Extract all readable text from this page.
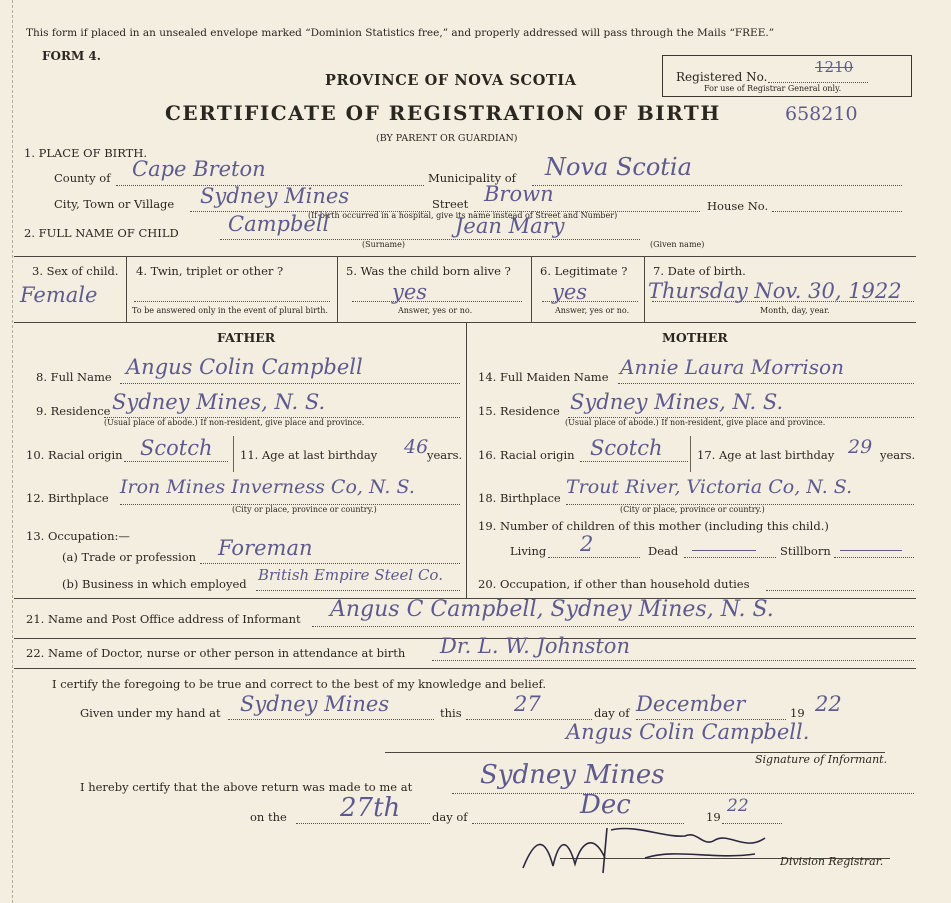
This form if placed in an unsealed envelope marked “Dominion Statistics free,” and properly addressed will pass through the Mails “FREE.”
FORM 4.
PROVINCE OF NOVA SCOTIA
CERTIFICATE OF REGISTRATION OF BIRTH	658210
(BY PARENT OR GUARDIAN)
Registered No.
1210
For use of Registrar General only.
1. PLACE OF BIRTH.
County of Cape Breton	Municipality of Nova Scotia
City, Town or Village Sydney Mines	Street Brown	House No.
(If birth occurred in a hospital, give its name instead of Street and Number)
2. FULL NAME OF CHILD Campbell	Jean Mary
(Surname)	(Given name)
3. Sex of child.
Female
4. Twin, triplet or other ?
To be answered only in the event of plural birth.
5. Was the child born alive ?
yes
Answer, yes or no.
6. Legitimate ?
yes
Answer, yes or no.
7. Date of birth.
Thursday Nov. 30, 1922
Month, day, year.
FATHER	MOTHER
8. Full Name Angus Colin Campbell
9. Residence Sydney Mines, N. S.
(Usual place of abode.) If non-resident, give place and province.
10. Racial origin Scotch 11. Age at last birthday 46
years.
12. Birthplace Iron Mines Inverness Co, N. S.
(City or place, province or country.)
13. Occupation:—
(a) Trade or profession Foreman
(b) Business in which employed British Empire Steel Co.
14. Full Maiden Name Annie Laura Morrison
15. Residence Sydney Mines, N. S.
(Usual place of abode.) If non-resident, give place and province.
16. Racial origin Scotch	17. Age at last birthday 29 years.
18. Birthplace Trout River, Victoria Co, N. S.
(City or place, province or country.)
19. Number of children of this mother (including this child.)
Living 2	Dead	Stillborn
20. Occupation, if other than household duties
21. Name and Post Office address of Informant Angus C Campbell, Sydney Mines, N. S.
22. Name of Doctor, nurse or other person in attendance at birth Dr. L. W. Johnston
I certify the foregoing to be true and correct to the best of my knowledge and belief.
Given under my hand at Sydney Mines	this 27	day of December	19 22
Angus Colin Campbell.
Signature of Informant.
I hereby certify that the above return was made to me at	Sydney Mines
on the 27th	day of	Dec	19
22
Division Registrar.
